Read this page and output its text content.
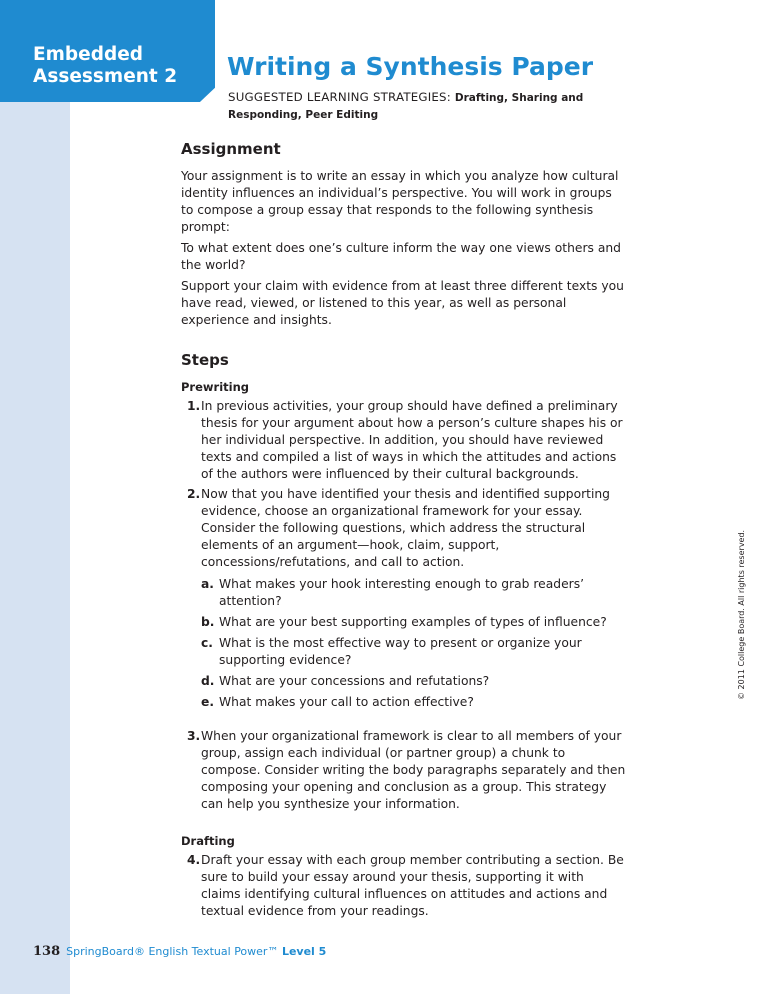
Embedded
Assessment 2 Writing a Synthesis Paper
SUGGESTED LEARNING STRATEGIES: Drafting, Sharing and Responding, Peer Editing
Assignment

Your assignment is to write an essay in which you analyze how cultural identity influences an individual’s perspective. You will work in groups to compose a group essay that responds to the following synthesis prompt:

To what extent does one’s culture inform the way one views others and the world?

Support your claim with evidence from at least three different texts you have read, viewed, or listened to this year, as well as personal experience and insights.

Steps
Prewriting
1. In previous activities, your group should have defined a preliminary thesis for your argument about how a person’s culture shapes his or her individual perspective. In addition, you should have reviewed texts and compiled a list of ways in which the attitudes and actions of the authors were influenced by their cultural backgrounds.
2. Now that you have identified your thesis and identified supporting evidence, choose an organizational framework for your essay. Consider the following questions, which address the structural elements of an argument—hook, claim, support, concessions/refutations, and call to action.
a. What makes your hook interesting enough to grab readers’ attention?
b. What are your best supporting examples of types of influence?
c. What is the most effective way to present or organize your supporting evidence?
d. What are your concessions and refutations?
e. What makes your call to action effective?
3. When your organizational framework is clear to all members of your group, assign each individual (or partner group) a chunk to compose. Consider writing the body paragraphs separately and then composing your opening and conclusion as a group. This strategy can help you synthesize your information.
Drafting
4. Draft your essay with each group member contributing a section. Be sure to build your essay around your thesis, supporting it with claims identifying cultural influences on attitudes and actions and textual evidence from your readings.
© 2011 College Board. All rights reserved.
138 SpringBoard® English Textual Power™ Level 5
